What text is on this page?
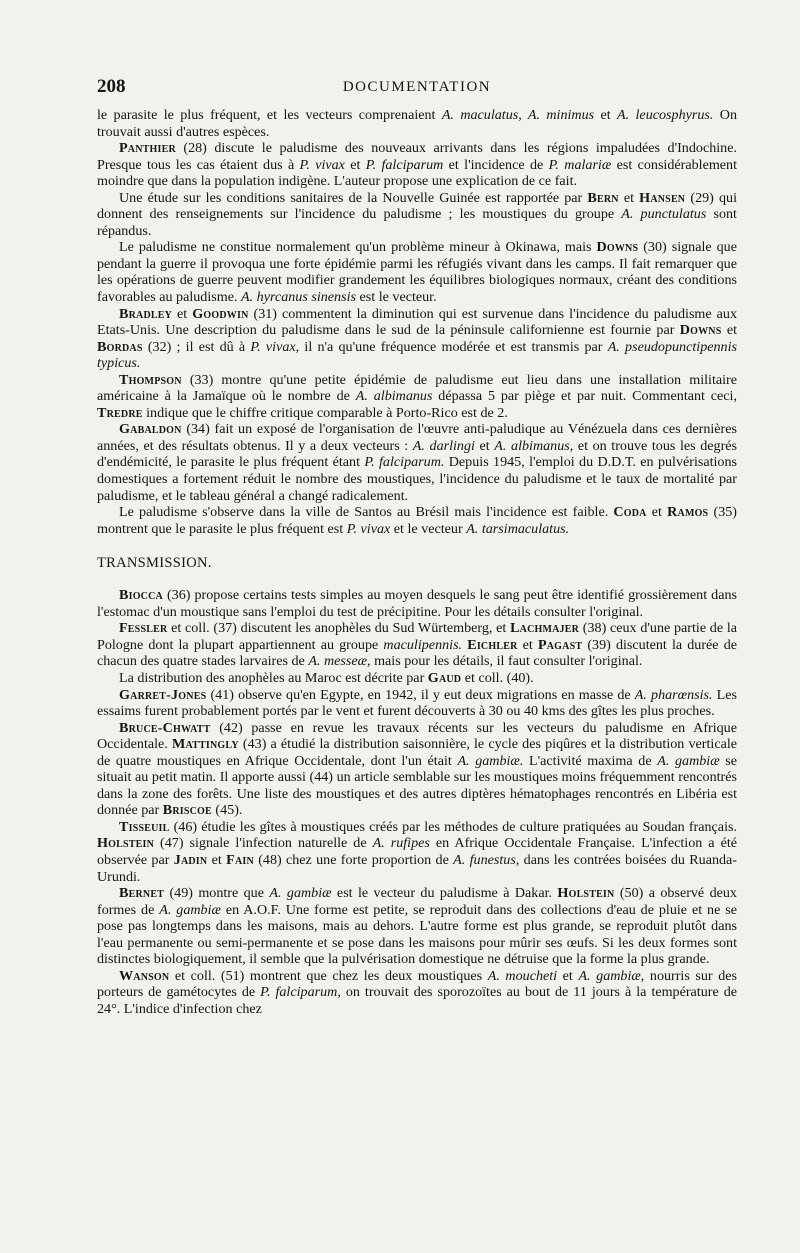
208	DOCUMENTATION

le parasite le plus fréquent, et les vecteurs comprenaient A. maculatus, A. minimus et A. leucosphyrus. On trouvait aussi d'autres espèces.

Panthier (28) discute le paludisme des nouveaux arrivants dans les régions impaludées d'Indochine. Presque tous les cas étaient dus à P. vivax et P. falciparum et l'incidence de P. malariæ est considérablement moindre que dans la population indigène. L'auteur propose une explication de ce fait.

Une étude sur les conditions sanitaires de la Nouvelle Guinée est rapportée par Bern et Hansen (29) qui donnent des renseignements sur l'incidence du paludisme ; les moustiques du groupe A. punctulatus sont répandus.

Le paludisme ne constitue normalement qu'un problème mineur à Okinawa, mais Downs (30) signale que pendant la guerre il provoqua une forte épidémie parmi les réfugiés vivant dans les camps. Il fait remarquer que les opérations de guerre peuvent modifier grandement les équilibres biologiques normaux, créant des conditions favorables au paludisme. A. hyrcanus sinensis est le vecteur.

Bradley et Goodwin (31) commentent la diminution qui est survenue dans l'incidence du paludisme aux Etats-Unis. Une description du paludisme dans le sud de la péninsule californienne est fournie par Downs et Bordas (32) ; il est dû à P. vivax, il n'a qu'une fréquence modérée et est transmis par A. pseudopunctipennis typicus.

Thompson (33) montre qu'une petite épidémie de paludisme eut lieu dans une installation militaire américaine à la Jamaïque où le nombre de A. albimanus dépassa 5 par piège et par nuit. Commentant ceci, Tredre indique que le chiffre critique comparable à Porto-Rico est de 2.

Gabaldon (34) fait un exposé de l'organisation de l'œuvre anti-paludique au Vénézuela dans ces dernières années, et des résultats obtenus. Il y a deux vecteurs : A. darlingi et A. albimanus, et on trouve tous les degrés d'endémicité, le parasite le plus fréquent étant P. falciparum. Depuis 1945, l'emploi du D.D.T. en pulvérisations domestiques a fortement réduit le nombre des moustiques, l'incidence du paludisme et le taux de mortalité par paludisme, et le tableau général a changé radicalement.

Le paludisme s'observe dans la ville de Santos au Brésil mais l'incidence est faible. Coda et Ramos (35) montrent que le parasite le plus fréquent est P. vivax et le vecteur A. tarsimaculatus.

TRANSMISSION.

Biocca (36) propose certains tests simples au moyen desquels le sang peut être identifié grossièrement dans l'estomac d'un moustique sans l'emploi du test de précipitine. Pour les détails consulter l'original.

Fessler et coll. (37) discutent les anophèles du Sud Würtemberg, et Lachmajer (38) ceux d'une partie de la Pologne dont la plupart appartiennent au groupe maculipennis. Eichler et Pagast (39) discutent la durée de chacun des quatre stades larvaires de A. messeæ, mais pour les détails, il faut consulter l'original.

La distribution des anophèles au Maroc est décrite par Gaud et coll. (40).

Garret-Jones (41) observe qu'en Egypte, en 1942, il y eut deux migrations en masse de A. pharœnsis. Les essaims furent probablement portés par le vent et furent découverts à 30 ou 40 kms des gîtes les plus proches.

Bruce-Chwatt (42) passe en revue les travaux récents sur les vecteurs du paludisme en Afrique Occidentale. Mattingly (43) a étudié la distribution saisonnière, le cycle des piqûres et la distribution verticale de quatre moustiques en Afrique Occidentale, dont l'un était A. gambiæ. L'activité maxima de A. gambiæ se situait au petit matin. Il apporte aussi (44) un article semblable sur les moustiques moins fréquemment rencontrés dans la zone des forêts. Une liste des moustiques et des autres diptères hématophages rencontrés en Libéria est donnée par Briscoe (45).

Tisseuil (46) étudie les gîtes à moustiques créés par les méthodes de culture pratiquées au Soudan français. Holstein (47) signale l'infection naturelle de A. rufipes en Afrique Occidentale Française. L'infection a été observée par Jadin et Fain (48) chez une forte proportion de A. funestus, dans les contrées boisées du Ruanda-Urundi.

Bernet (49) montre que A. gambiæ est le vecteur du paludisme à Dakar. Holstein (50) a observé deux formes de A. gambiæ en A.O.F. Une forme est petite, se reproduit dans des collections d'eau de pluie et ne se pose pas longtemps dans les maisons, mais au dehors. L'autre forme est plus grande, se reproduit plutôt dans l'eau permanente ou semi-permanente et se pose dans les maisons pour mûrir ses œufs. Si les deux formes sont distinctes biologiquement, il semble que la pulvérisation domestique ne détruise que la forme la plus grande.

Wanson et coll. (51) montrent que chez les deux moustiques A. moucheti et A. gambiæ, nourris sur des porteurs de gamétocytes de P. falciparum, on trouvait des sporozoïtes au bout de 11 jours à la température de 24°. L'indice d'infection chez
